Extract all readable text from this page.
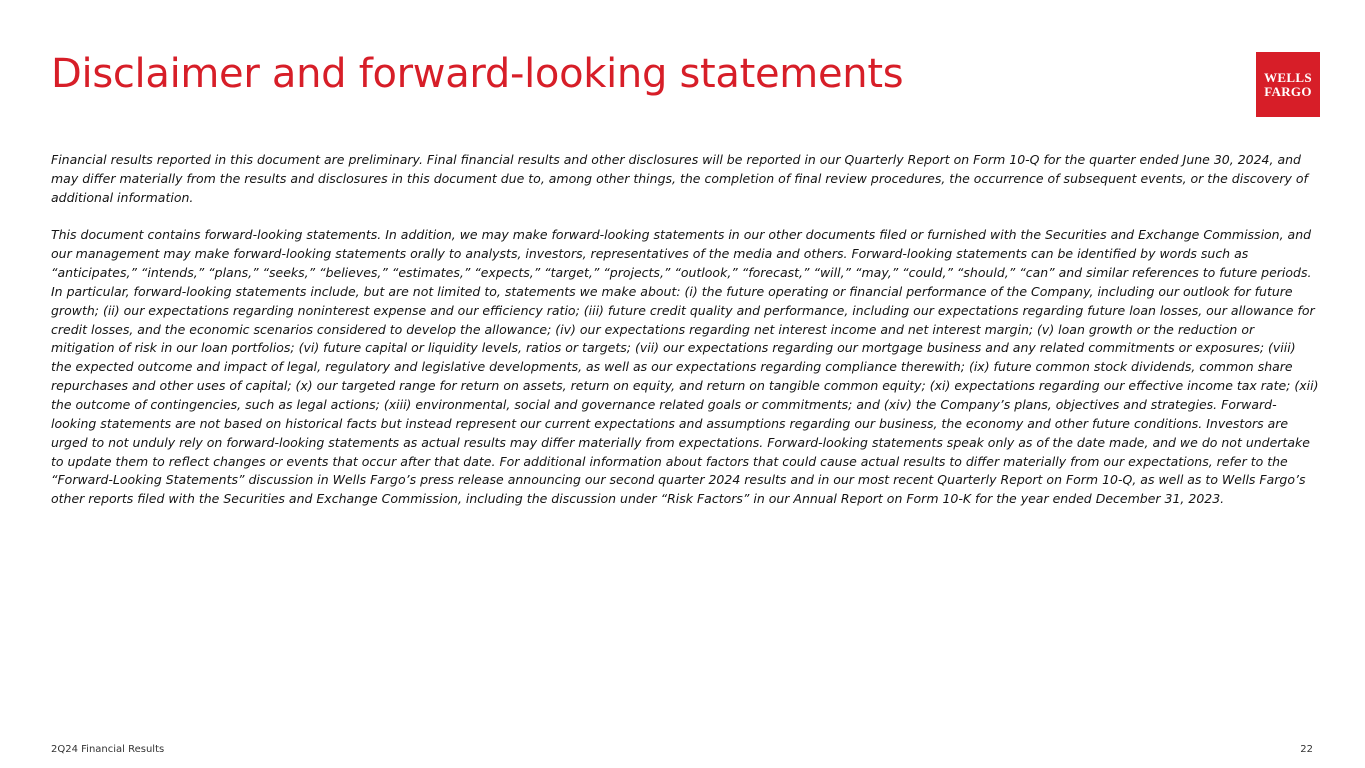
Disclaimer and forward-looking statements	WELLS
FARGO

Financial results reported in this document are preliminary. Final financial results and other disclosures will be reported in our Quarterly Report on Form 10-Q for the quarter ended June 30, 2024, and may differ materially from the results and disclosures in this document due to, among other things, the completion of final review procedures, the occurrence of subsequent events, or the discovery of additional information.

This document contains forward-looking statements. In addition, we may make forward-looking statements in our other documents filed or furnished with the Securities and Exchange Commission, and our management may make forward-looking statements orally to analysts, investors, representatives of the media and others. Forward-looking statements can be identified by words such as “anticipates,” “intends,” “plans,” “seeks,” “believes,” “estimates,” “expects,” “target,” “projects,” “outlook,” “forecast,” “will,” “may,” “could,” “should,” “can” and similar references to future periods. In particular, forward-looking statements include, but are not limited to, statements we make about: (i) the future operating or financial performance of the Company, including our outlook for future growth; (ii) our expectations regarding noninterest expense and our efficiency ratio; (iii) future credit quality and performance, including our expectations regarding future loan losses, our allowance for credit losses, and the economic scenarios considered to develop the allowance; (iv) our expectations regarding net interest income and net interest margin; (v) loan growth or the reduction or mitigation of risk in our loan portfolios; (vi) future capital or liquidity levels, ratios or targets; (vii) our expectations regarding our mortgage business and any related commitments or exposures; (viii) the expected outcome and impact of legal, regulatory and legislative developments, as well as our expectations regarding compliance therewith; (ix) future common stock dividends, common share repurchases and other uses of capital; (x) our targeted range for return on assets, return on equity, and return on tangible common equity; (xi) expectations regarding our effective income tax rate; (xii) the outcome of contingencies, such as legal actions; (xiii) environmental, social and governance related goals or commitments; and (xiv) the Company’s plans, objectives and strategies. Forward-looking statements are not based on historical facts but instead represent our current expectations and assumptions regarding our business, the economy and other future conditions. Investors are urged to not unduly rely on forward-looking statements as actual results may differ materially from expectations. Forward-looking statements speak only as of the date made, and we do not undertake to update them to reflect changes or events that occur after that date. For additional information about factors that could cause actual results to differ materially from our expectations, refer to the “Forward-Looking Statements” discussion in Wells Fargo’s press release announcing our second quarter 2024 results and in our most recent Quarterly Report on Form 10-Q, as well as to Wells Fargo’s other reports filed with the Securities and Exchange Commission, including the discussion under “Risk Factors” in our Annual Report on Form 10-K for the year ended December 31, 2023.

2Q24 Financial Results	22
